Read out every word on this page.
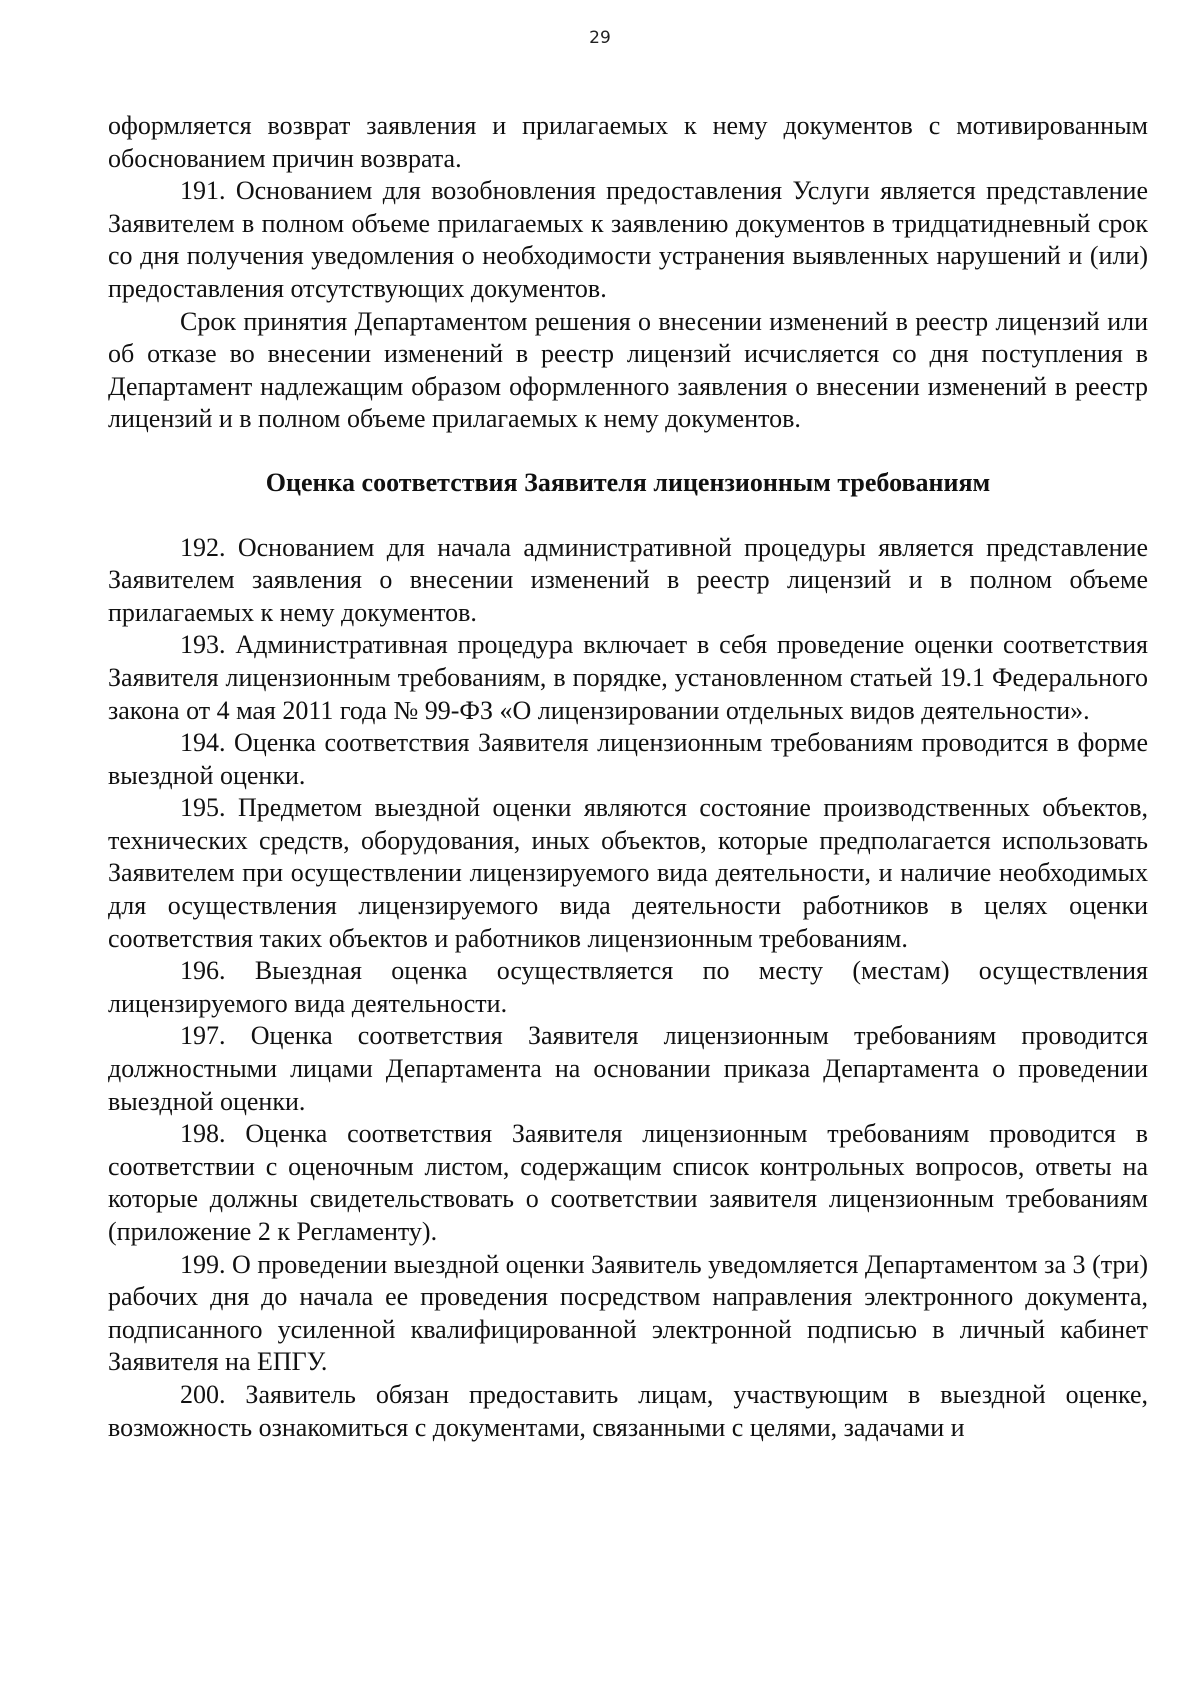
29

оформляется возврат заявления и прилагаемых к нему документов с мотивированным обоснованием причин возврата.

191. Основанием для возобновления предоставления Услуги является представление Заявителем в полном объеме прилагаемых к заявлению документов в тридцатидневный срок со дня получения уведомления о необходимости устранения выявленных нарушений и (или) предоставления отсутствующих документов.

Срок принятия Департаментом решения о внесении изменений в реестр лицензий или об отказе во внесении изменений в реестр лицензий исчисляется со дня поступления в Департамент надлежащим образом оформленного заявления о внесении изменений в реестр лицензий и в полном объеме прилагаемых к нему документов.

Оценка соответствия Заявителя лицензионным требованиям

192. Основанием для начала административной процедуры является представление Заявителем заявления о внесении изменений в реестр лицензий и в полном объеме прилагаемых к нему документов.

193. Административная процедура включает в себя проведение оценки соответствия Заявителя лицензионным требованиям, в порядке, установленном статьей 19.1 Федерального закона от 4 мая 2011 года № 99-ФЗ «О лицензировании отдельных видов деятельности».

194. Оценка соответствия Заявителя лицензионным требованиям проводится в форме выездной оценки.

195. Предметом выездной оценки являются состояние производственных объектов, технических средств, оборудования, иных объектов, которые предполагается использовать Заявителем при осуществлении лицензируемого вида деятельности, и наличие необходимых для осуществления лицензируемого вида деятельности работников в целях оценки соответствия таких объектов и работников лицензионным требованиям.

196. Выездная оценка осуществляется по месту (местам) осуществления лицензируемого вида деятельности.

197. Оценка соответствия Заявителя лицензионным требованиям проводится должностными лицами Департамента на основании приказа Департамента о проведении выездной оценки.

198. Оценка соответствия Заявителя лицензионным требованиям проводится в соответствии с оценочным листом, содержащим список контрольных вопросов, ответы на которые должны свидетельствовать о соответствии заявителя лицензионным требованиям (приложение 2 к Регламенту).

199. О проведении выездной оценки Заявитель уведомляется Департаментом за 3 (три) рабочих дня до начала ее проведения посредством направления электронного документа, подписанного усиленной квалифицированной электронной подписью в личный кабинет Заявителя на ЕПГУ.

200. Заявитель обязан предоставить лицам, участвующим в выездной оценке, возможность ознакомиться с документами, связанными с целями, задачами и
